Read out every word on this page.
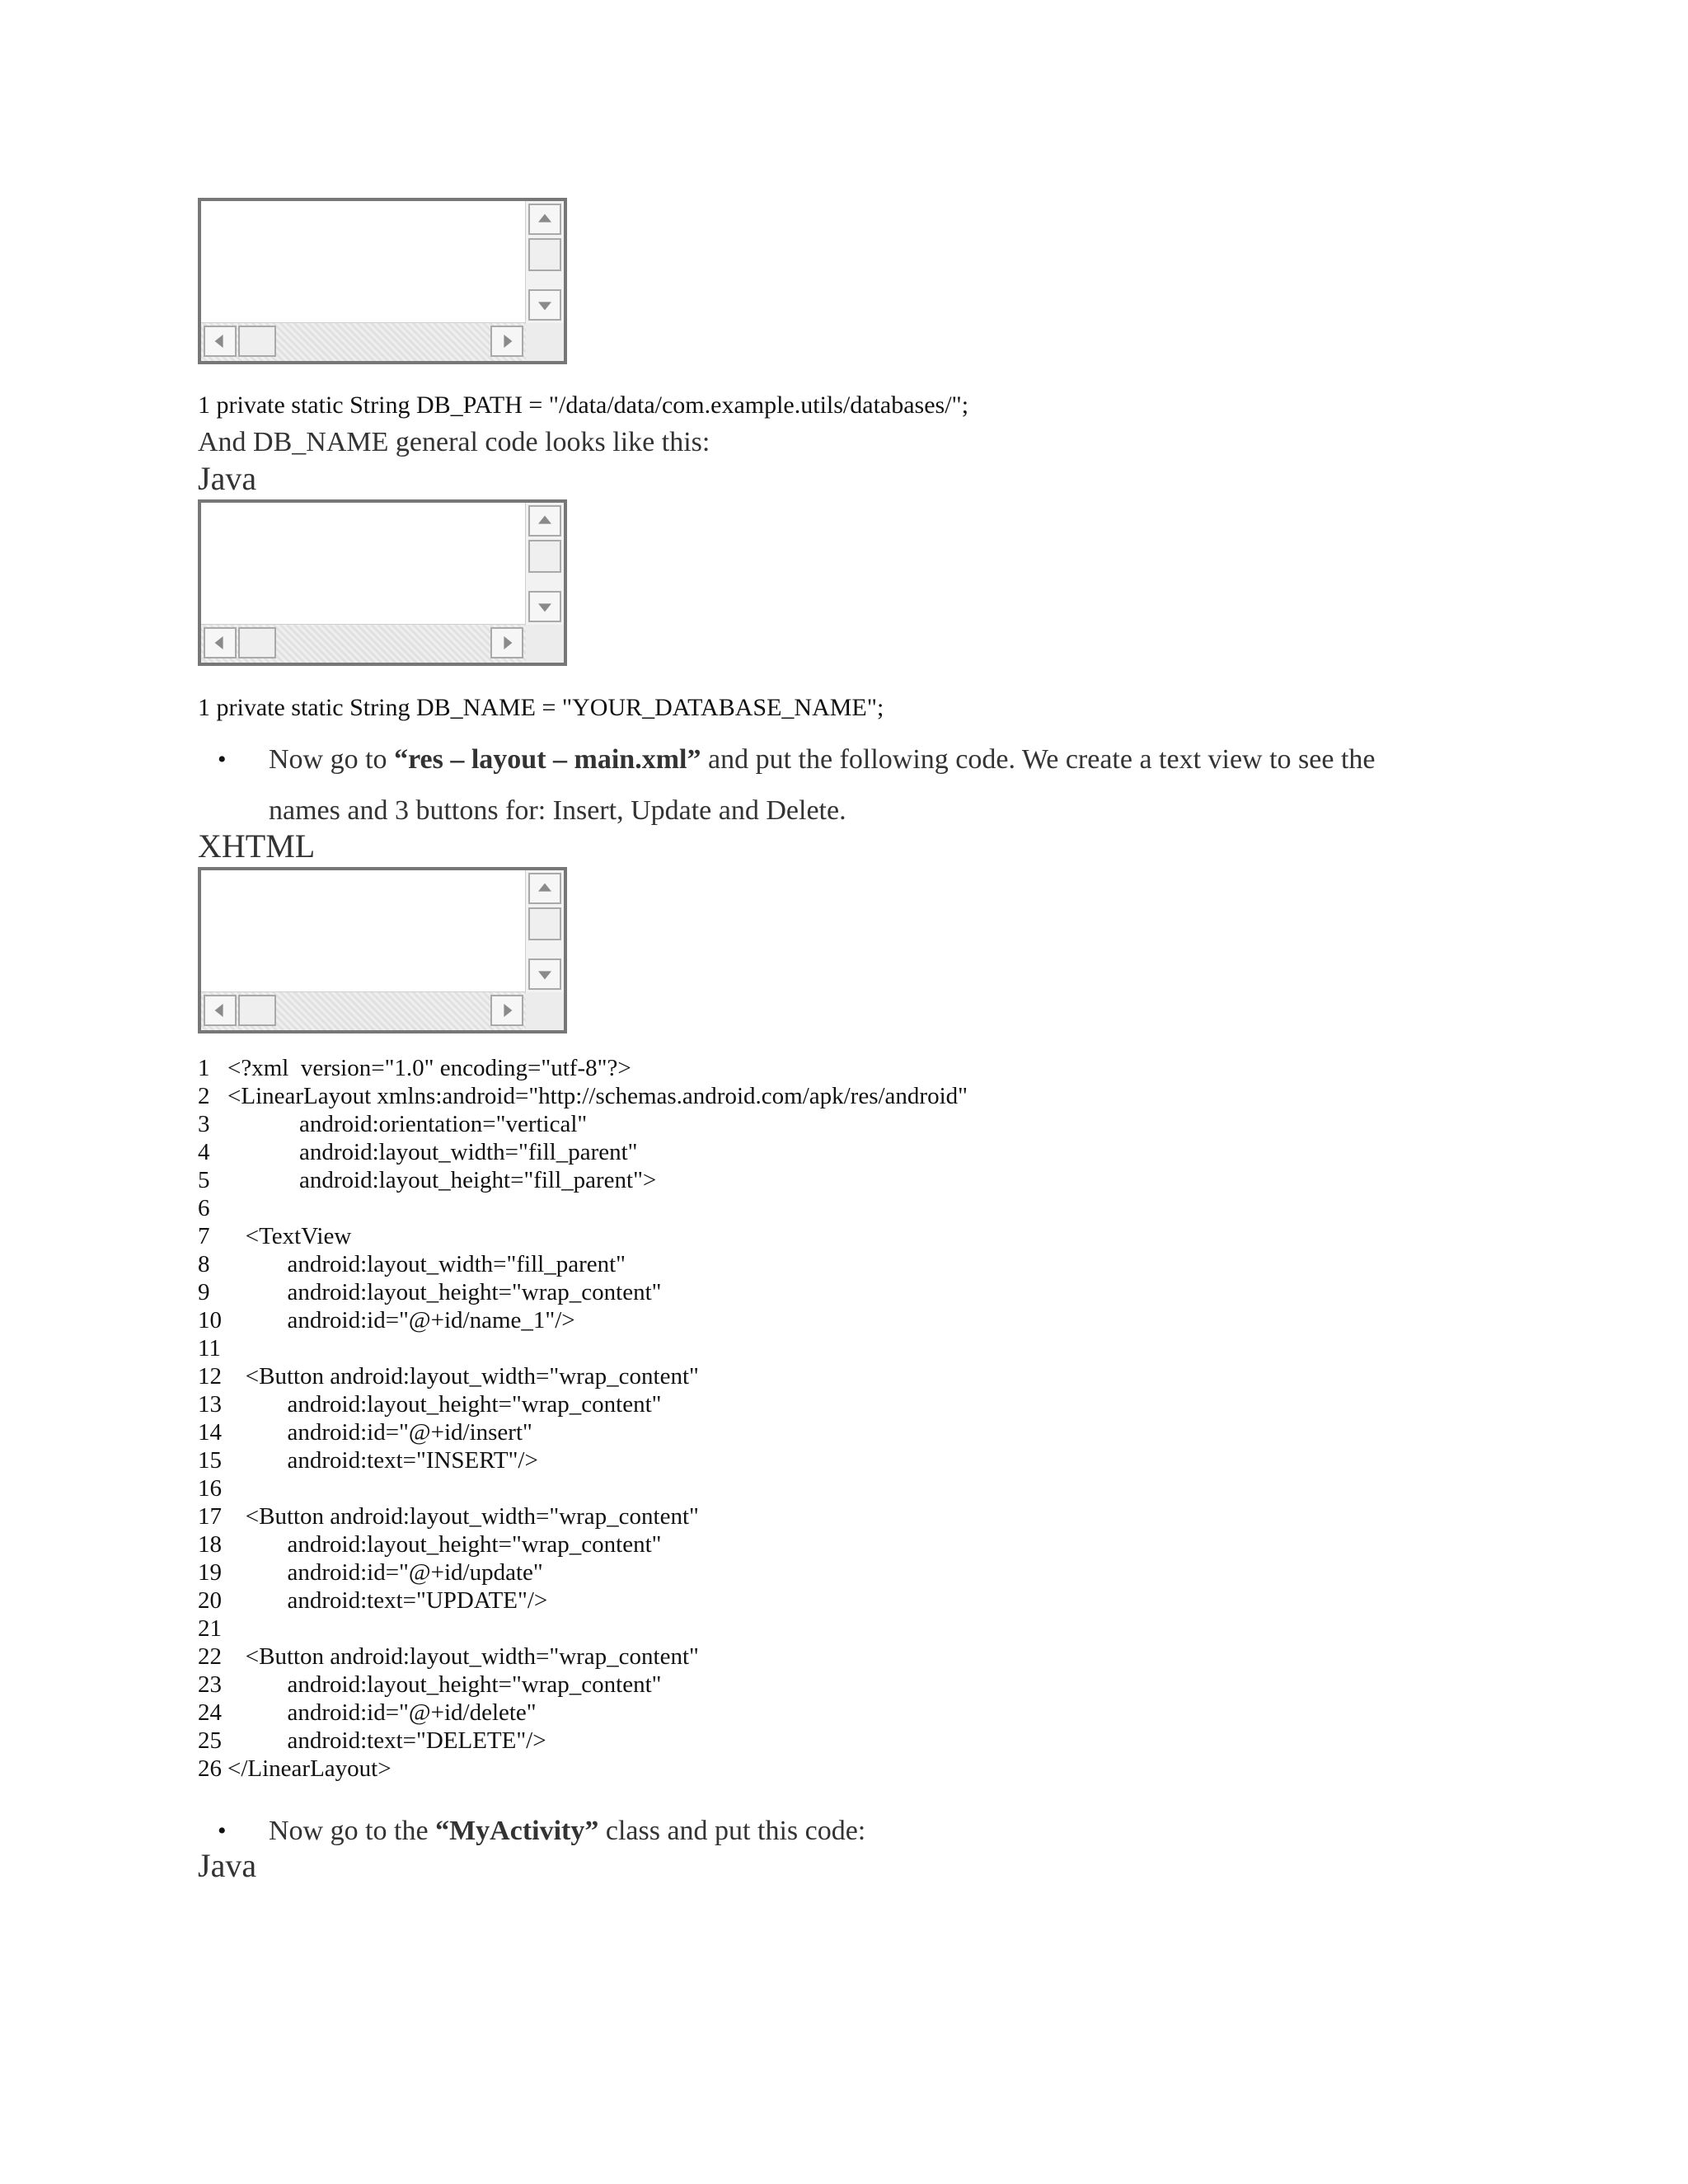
1 private static String DB_PATH = "/data/data/com.example.utils/databases/";
And DB_NAME general code looks like this:
Java
1 private static String DB_NAME = "YOUR_DATABASE_NAME";
• Now go to “res – layout – main.xml” and put the following code. We create a text view to see the
names and 3 buttons for: Insert, Update and Delete.
XHTML
1 <?xml  version="1.0" encoding="utf-8"?>
2 <LinearLayout xmlns:android="http://schemas.android.com/apk/res/android"
3 android:orientation="vertical"
4 android:layout_width="fill_parent"
5 android:layout_height="fill_parent">
6
7 <TextView
8 android:layout_width="fill_parent"
9 android:layout_height="wrap_content"
10 android:id="@+id/name_1"/>
11
12 <Button android:layout_width="wrap_content"
13 android:layout_height="wrap_content"
14 android:id="@+id/insert"
15 android:text="INSERT"/>
16
17 <Button android:layout_width="wrap_content"
18 android:layout_height="wrap_content"
19 android:id="@+id/update"
20 android:text="UPDATE"/>
21
22 <Button android:layout_width="wrap_content"
23 android:layout_height="wrap_content"
24 android:id="@+id/delete"
25 android:text="DELETE"/>
26 </LinearLayout>
• Now go to the “MyActivity” class and put this code:
Java
